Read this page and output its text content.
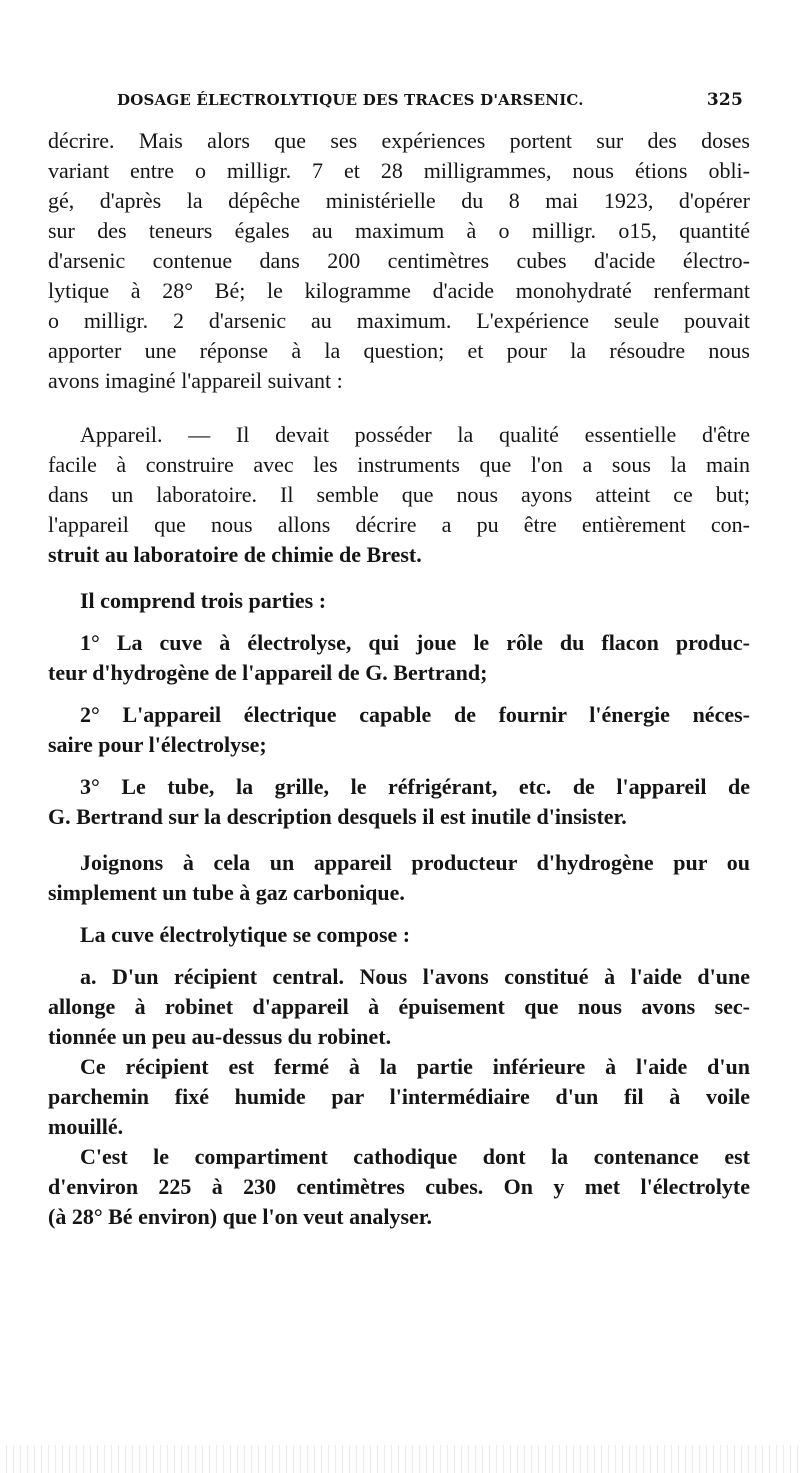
DOSAGE ÉLECTROLYTIQUE DES TRACES D'ARSENIC.	325
décrire. Mais alors que ses expériences portent sur des doses
variant entre o milligr. 7 et 28 milligrammes, nous étions obli-
gé, d'après la dépêche ministérielle du 8 mai 1923, d'opérer
sur des teneurs égales au maximum à o milligr. o15, quantité
d'arsenic contenue dans 200 centimètres cubes d'acide électro-
lytique à 28° Bé; le kilogramme d'acide monohydraté renfermant
o milligr. 2 d'arsenic au maximum. L'expérience seule pouvait
apporter une réponse à la question; et pour la résoudre nous
avons imaginé l'appareil suivant :
Appareil. — Il devait posséder la qualité essentielle d'être
facile à construire avec les instruments que l'on a sous la main
dans un laboratoire. Il semble que nous ayons atteint ce but;
l'appareil que nous allons décrire a pu être entièrement con-
struit au laboratoire de chimie de Brest.
Il comprend trois parties :
1° La cuve à électrolyse, qui joue le rôle du flacon produc-
teur d'hydrogène de l'appareil de G. Bertrand;
2° L'appareil électrique capable de fournir l'énergie néces-
saire pour l'électrolyse;
3° Le tube, la grille, le réfrigérant, etc. de l'appareil de
G. Bertrand sur la description desquels il est inutile d'insister.
Joignons à cela un appareil producteur d'hydrogène pur ou
simplement un tube à gaz carbonique.
La cuve électrolytique se compose :
a. D'un récipient central. Nous l'avons constitué à l'aide d'une
allonge à robinet d'appareil à épuisement que nous avons sec-
tionnée un peu au-dessus du robinet.
Ce récipient est fermé à la partie inférieure à l'aide d'un
parchemin fixé humide par l'intermédiaire d'un fil à voile
mouillé.
C'est le compartiment cathodique dont la contenance est
d'environ 225 à 230 centimètres cubes. On y met l'électrolyte
(à 28° Bé environ) que l'on veut analyser.
